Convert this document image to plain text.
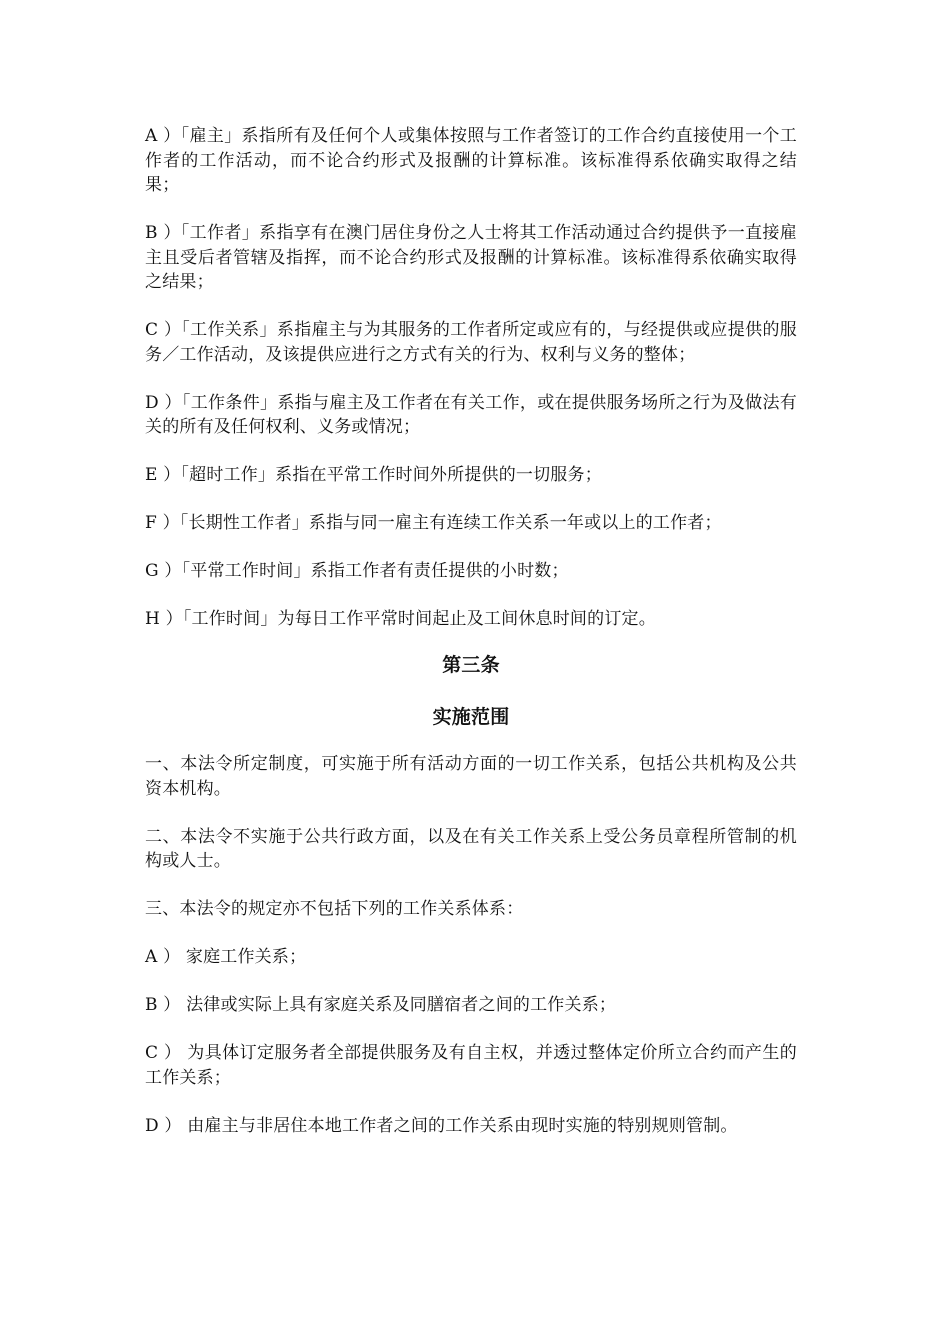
A ）「雇主」系指所有及任何个人或集体按照与工作者签订的工作合约直接使用一个工作者的工作活动，而不论合约形式及报酬的计算标准。该标准得系依确实取得之结果；

B ）「工作者」系指享有在澳门居住身份之人士将其工作活动通过合约提供予一直接雇主且受后者管辖及指挥，而不论合约形式及报酬的计算标准。该标准得系依确实取得之结果；

C ）「工作关系」系指雇主与为其服务的工作者所定或应有的，与经提供或应提供的服务／工作活动，及该提供应进行之方式有关的行为、权利与义务的整体；

D ）「工作条件」系指与雇主及工作者在有关工作，或在提供服务场所之行为及做法有关的所有及任何权利、义务或情况；

E ）「超时工作」系指在平常工作时间外所提供的一切服务；

F ）「长期性工作者」系指与同一雇主有连续工作关系一年或以上的工作者；

G ）「平常工作时间」系指工作者有责任提供的小时数；

H ）「工作时间」为每日工作平常时间起止及工间休息时间的订定。

第三条
实施范围

一、本法令所定制度，可实施于所有活动方面的一切工作关系，包括公共机构及公共资本机构。

二、本法令不实施于公共行政方面，以及在有关工作关系上受公务员章程所管制的机构或人士。

三、本法令的规定亦不包括下列的工作关系体系：

A ） 家庭工作关系；

B ） 法律或实际上具有家庭关系及同膳宿者之间的工作关系；

C ） 为具体订定服务者全部提供服务及有自主权，并透过整体定价所立合约而产生的工作关系；

D ） 由雇主与非居住本地工作者之间的工作关系由现时实施的特别规则管制。
